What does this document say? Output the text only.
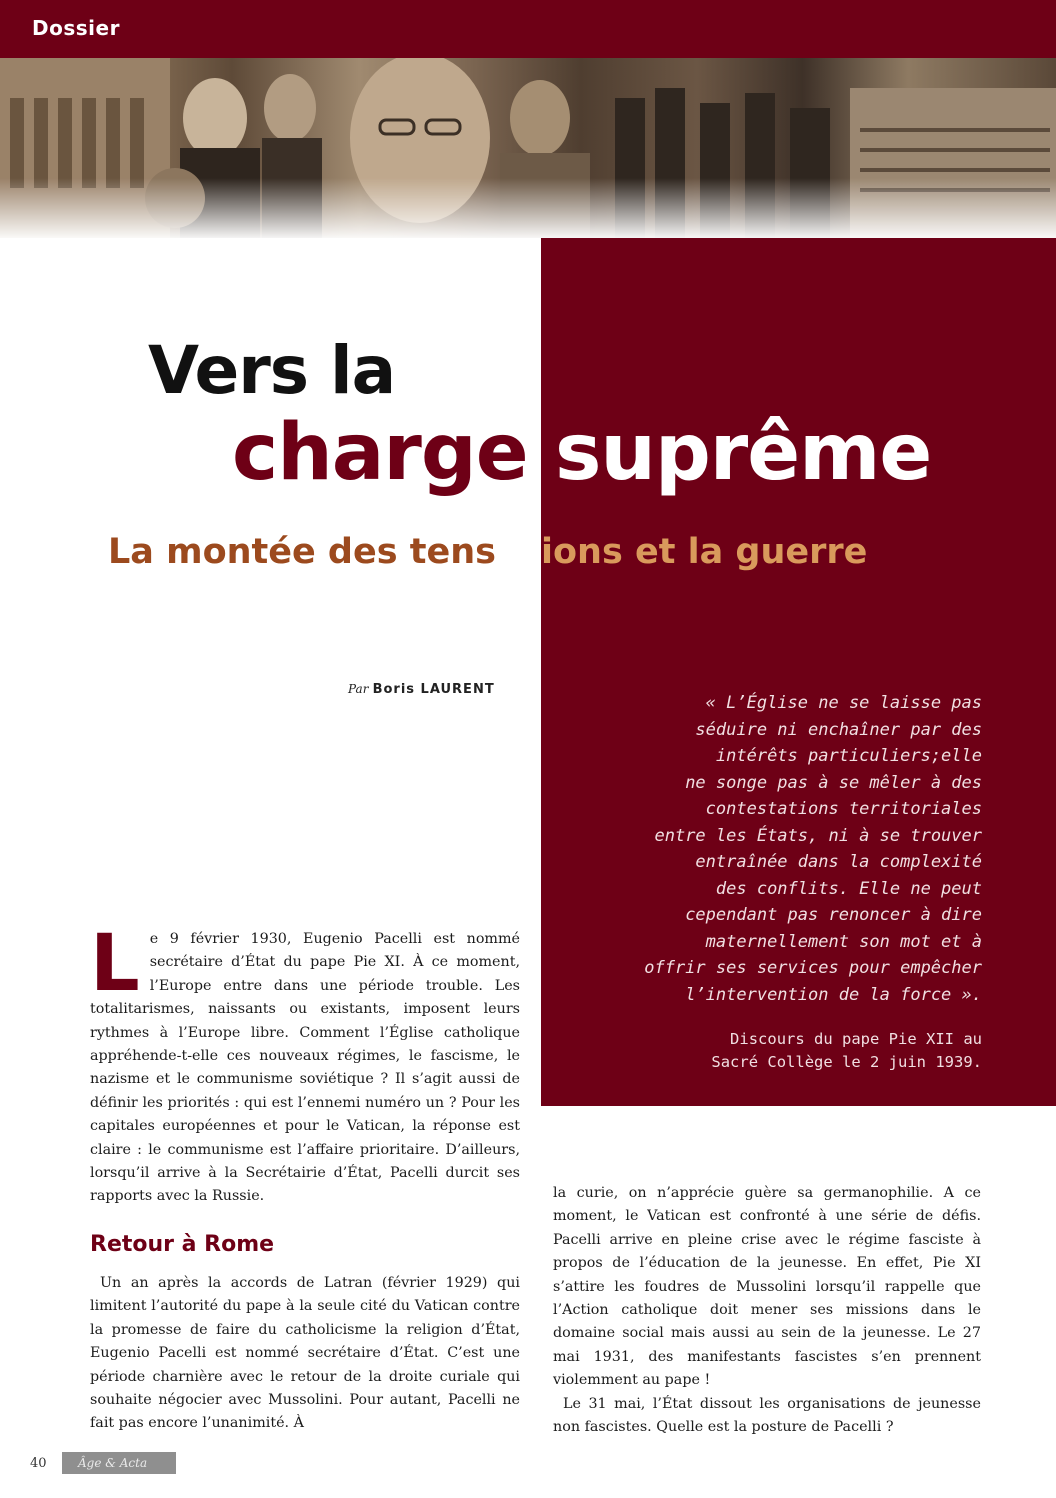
Dossier
Vers la
charge suprême
La montée des tens ions et la guerre
Par Boris LAURENT
« L’Église ne se laisse pas
séduire ni enchaîner par des
intérêts particuliers;elle
ne songe pas à se mêler à des
contestations territoriales
entre les États, ni à se trouver
entraînée dans la complexité
des conflits. Elle ne peut
cependant pas renoncer à dire
maternellement son mot et à
offrir ses services pour empêcher
l’intervention de la force ».
Discours du pape Pie XII au
Sacré Collège le 2 juin 1939.
L e 9 février 1930, Eugenio Pacelli est nommé secrétaire d’État du pape Pie XI. À ce moment, l’Europe entre dans une période trouble. Les totalitarismes, naissants ou existants, imposent leurs rythmes à l’Europe libre. Comment l’Église catholique appréhende-t-elle ces nouveaux régimes, le fascisme, le nazisme et le communisme soviétique ? Il s’agit aussi de définir les priorités : qui est l’ennemi numéro un ? Pour les capitales européennes et pour le Vatican, la réponse est claire : le communisme est l’affaire prioritaire. D’ailleurs, lorsqu’il arrive à la Secrétairie d’État, Pacelli durcit ses rapports avec la Russie.
Retour à Rome
Un an après la accords de Latran (février 1929) qui limitent l’autorité du pape à la seule cité du Vatican contre la promesse de faire du catholicisme la religion d’État, Eugenio Pacelli est nommé secrétaire d’État. C’est une période charnière avec le retour de la droite curiale qui souhaite négocier avec Mussolini. Pour autant, Pacelli ne fait pas encore l’unanimité. À

la curie, on n’apprécie guère sa germanophilie. A ce moment, le Vatican est confronté à une série de défis. Pacelli arrive en pleine crise avec le régime fasciste à propos de l’éducation de la jeunesse. En effet, Pie XI s’attire les foudres de Mussolini lorsqu’il rappelle que l’Action catholique doit mener ses missions dans le domaine social mais aussi au sein de la jeunesse. Le 27 mai 1931, des manifestants fascistes s’en prennent violemment au pape !

Le 31 mai, l’État dissout les organisations de jeunesse non fascistes. Quelle est la posture de Pacelli ?

40	Âge & Acta
